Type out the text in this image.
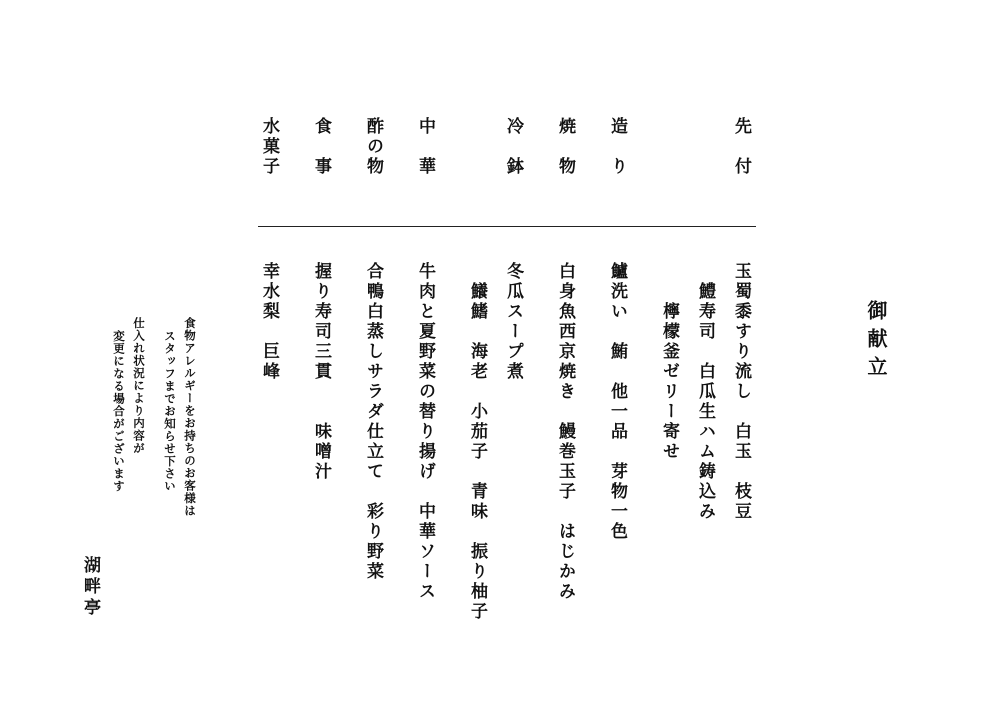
御献立
先　付
造　り
焼　物
冷　鉢
中　華
酢の物
食　事
水菓子
玉蜀黍すり流し　白玉　枝豆
　鱧寿司　白瓜生ハム鋳込み
　　檸檬釜ゼリー寄せ
鱸洗い　鮪　他一品　芽物一色
白身魚西京焼き　鰻巻玉子　はじかみ
冬瓜スープ煮
　鱶鰭　海老　小茄子　青味　振り柚子
牛肉と夏野菜の替り揚げ　中華ソース
合鴨白蒸しサラダ仕立て　彩り野菜
握り寿司三貫　　味噌汁
幸水梨　巨峰
食物アレルギーをお持ちのお客様は
スタッフまでお知らせ下さい
仕入れ状況により内容が
変更になる場合がございます
湖畔亭
